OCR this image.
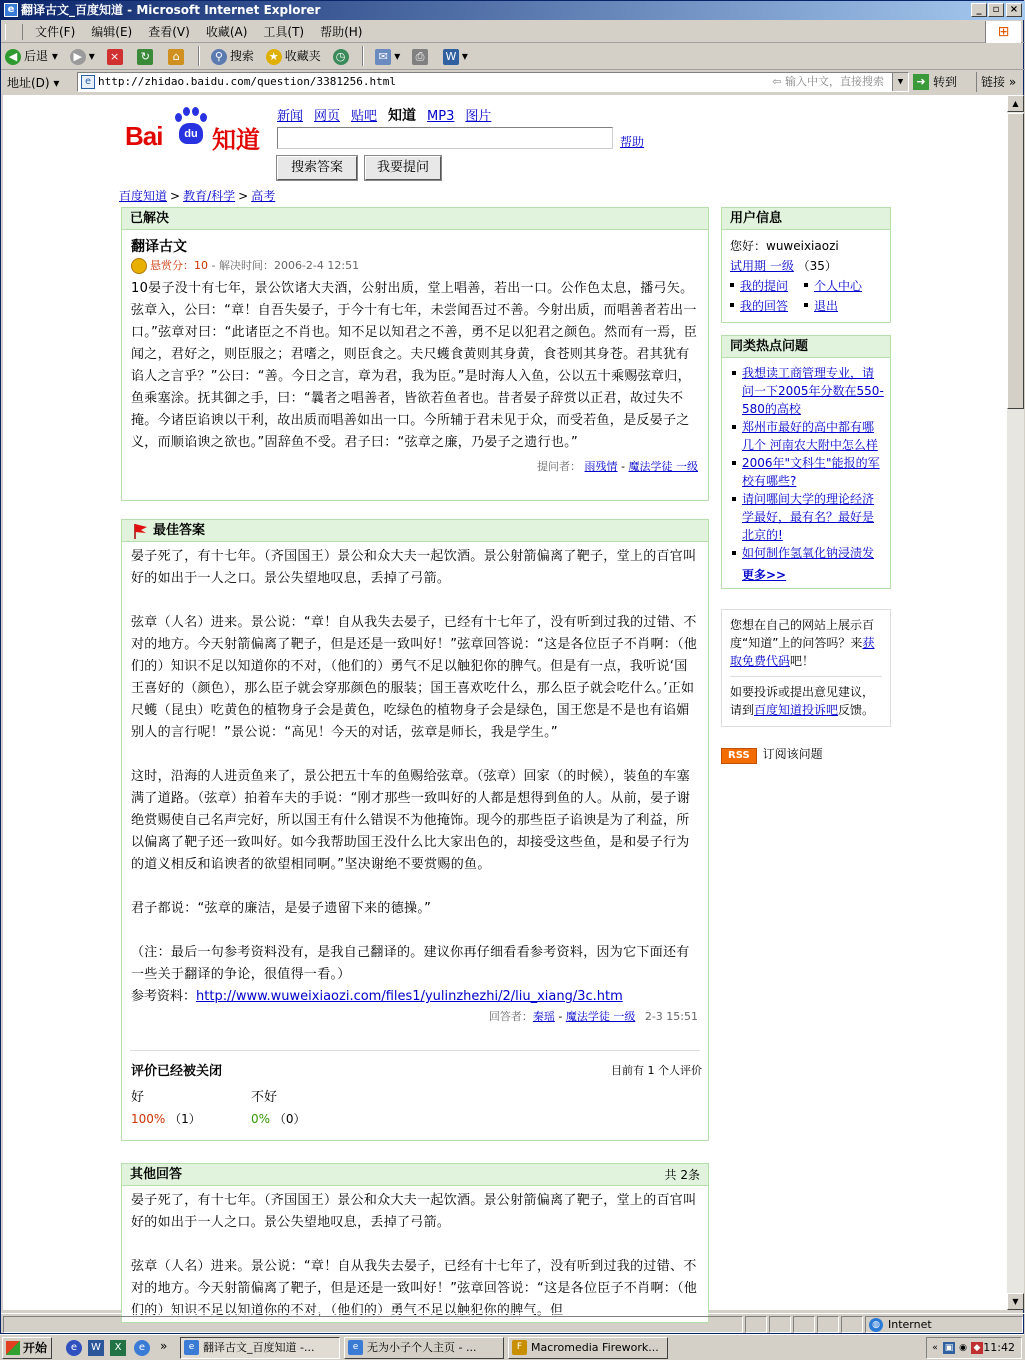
e 翻译古文_百度知道 - Microsoft Internet Explorer	_	▫	×
文件(F) 编辑(E) 查看(V) 收藏(A) 工具(T) 帮助(H)	⊞
◀ 后退 ▾ ▶ ▾ × ↻ ⌂	⚲ 搜索 ★ 收藏夹 ◷	✉ ▾ ⎙ W ▾
地址(D) ▾	e http://zhidao.baidu.com/question/3381256.html	⇦ 输入中文，直接搜索	▼	➜ 转到	链接 »
Bai	du 知道
新闻 网页 贴吧 知道 MP3 图片
帮助
搜索答案	我要提问
百度知道 > 教育/科学 > 高考
已解决
翻译古文
悬赏分：10 - 解决时间：2006-2-4 12:51
10晏子没十有七年，景公饮诸大夫酒，公射出质，堂上唱善，若出一口。公作色太息，播弓矢。弦章入，公曰：“章！自吾失晏子，于今十有七年，未尝闻吾过不善。今射出质，而唱善者若出一口。”弦章对曰：“此诸臣之不肖也。知不足以知君之不善，勇不足以犯君之颜色。然而有一焉，臣闻之，君好之，则臣服之；君嗜之，则臣食之。夫尺蠖食黄则其身黄，食苍则其身苍。君其犹有谄人之言乎？”公曰：“善。今日之言，章为君，我为臣。”是时海人入鱼，公以五十乘赐弦章归，鱼乘塞涂。抚其御之手，曰：“曩者之唱善者，皆欲若鱼者也。昔者晏子辞赏以正君，故过失不掩。今诸臣谄谀以干利，故出质而唱善如出一口。今所辅于君未见于众，而受若鱼，是反晏子之义，而顺谄谀之欲也。”固辞鱼不受。君子曰：“弦章之廉，乃晏子之遗行也。”
提问者： 雨残情 - 魔法学徒 一级
最佳答案
晏子死了，有十七年。（齐国国王）景公和众大夫一起饮酒。景公射箭偏离了靶子，堂上的百官叫好的如出于一人之口。景公失望地叹息，丢掉了弓箭。
弦章（人名）进来。景公说：“章！自从我失去晏子，已经有十七年了，没有听到过我的过错、不对的地方。今天射箭偏离了靶子，但是还是一致叫好！”弦章回答说：“这是各位臣子不肖啊：（他们的）知识不足以知道你的不对，（他们的）勇气不足以触犯你的脾气。但是有一点，我听说‘国王喜好的（颜色），那么臣子就会穿那颜色的服装；国王喜欢吃什么，那么臣子就会吃什么。’正如尺蠖（昆虫）吃黄色的植物身子会是黄色，吃绿色的植物身子会是绿色，国王您是不是也有谄媚别人的言行呢！”景公说：“高见！今天的对话，弦章是师长，我是学生。”
这时，沿海的人进贡鱼来了，景公把五十车的鱼赐给弦章。（弦章）回家（的时候），装鱼的车塞满了道路。（弦章）拍着车夫的手说：“刚才那些一致叫好的人都是想得到鱼的人。从前，晏子谢绝赏赐使自己名声完好，所以国王有什么错误不为他掩饰。现今的那些臣子谄谀是为了利益，所以偏离了靶子还一致叫好。如今我帮助国王没什么比大家出色的，却接受这些鱼，是和晏子行为的道义相反和谄谀者的欲望相同啊。”坚决谢绝不要赏赐的鱼。
君子都说：“弦章的廉洁，是晏子遗留下来的德操。”
（注：最后一句参考资料没有，是我自己翻译的。建议你再仔细看看参考资料，因为它下面还有一些关于翻译的争论，很值得一看。）
参考资料：http://www.wuweixiaozi.com/files1/yulinzhezhi/2/liu_xiang/3c.htm
回答者：秦瑶 - 魔法学徒 一级 2-3 15:51
评价已经被关闭	目前有 1 个人评价
好	不好
100% （1）	0% （0）
其他回答	共 2条
晏子死了，有十七年。（齐国国王）景公和众大夫一起饮酒。景公射箭偏离了靶子，堂上的百官叫好的如出于一人之口。景公失望地叹息，丢掉了弓箭。
弦章（人名）进来。景公说：“章！自从我失去晏子，已经有十七年了，没有听到过我的过错、不对的地方。今天射箭偏离了靶子，但是还是一致叫好！”弦章回答说：“这是各位臣子不肖啊：（他们的）知识不足以知道你的不对，（他们的）勇气不足以触犯你的脾气。但
用户信息
您好：wuweixiaozi
试用期 一级 （35）
我的提问
我的回答
个人中心
退出
同类热点问题
我想读工商管理专业，请问一下2005年分数在550-580的高校
郑州市最好的高中都有哪几个 河南农大附中怎么样
2006年"文科生"能报的军校有哪些?
请问哪间大学的理论经济学最好，最有名？最好是北京的!
如何制作氢氧化钠浸渍发
更多>>
您想在自己的网站上展示百度“知道”上的问答吗？来获取免费代码吧！
如要投诉或提出意见建议，请到百度知道投诉吧反馈。
RSS 订阅该问题
▲
▼
◍ Internet
开始	e	W	X	e	»	e 翻译古文_百度知道 -...	e 无为小子个人主页 - ...	F Macromedia Firework...	« ▣ ◉ ◆ 11:42
